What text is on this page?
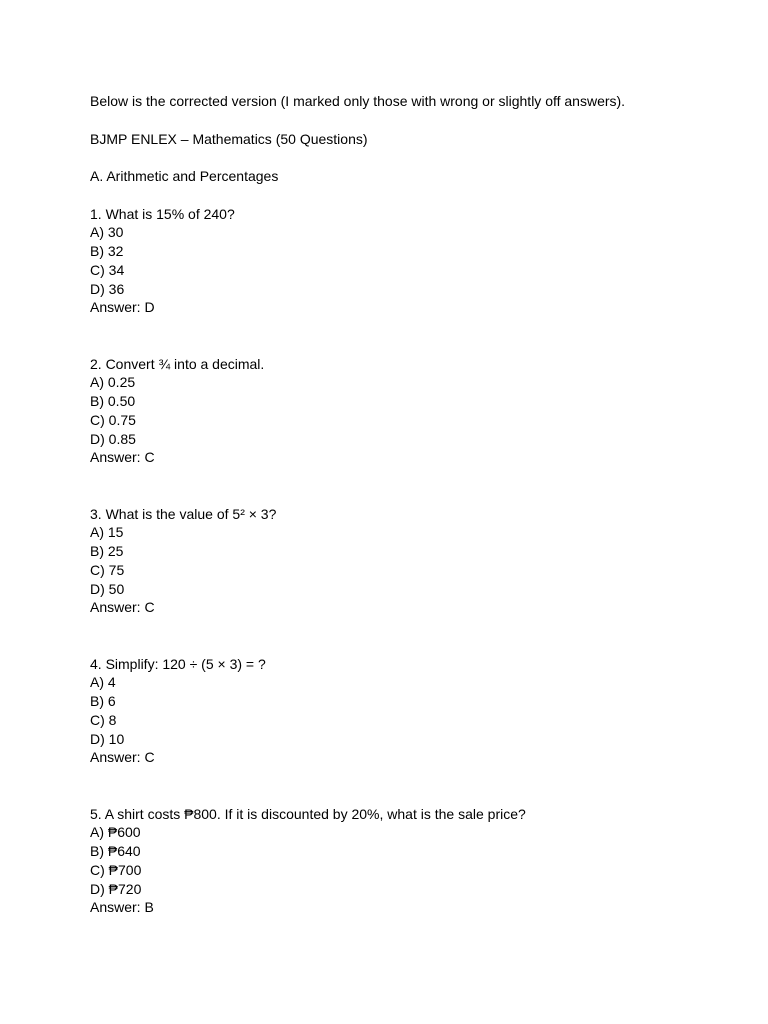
Below is the corrected version (I marked only those with wrong or slightly off answers).
BJMP ENLEX – Mathematics (50 Questions)
A. Arithmetic and Percentages
1. What is 15% of 240?
A) 30
B) 32
C) 34
D) 36
Answer: D
2. Convert ¾ into a decimal.
A) 0.25
B) 0.50
C) 0.75
D) 0.85
Answer: C
3. What is the value of 5² × 3?
A) 15
B) 25
C) 75
D) 50
Answer: C
4. Simplify: 120 ÷ (5 × 3) = ?
A) 4
B) 6
C) 8
D) 10
Answer: C
5. A shirt costs ₱800. If it is discounted by 20%, what is the sale price?
A) ₱600
B) ₱640
C) ₱700
D) ₱720
Answer: B
